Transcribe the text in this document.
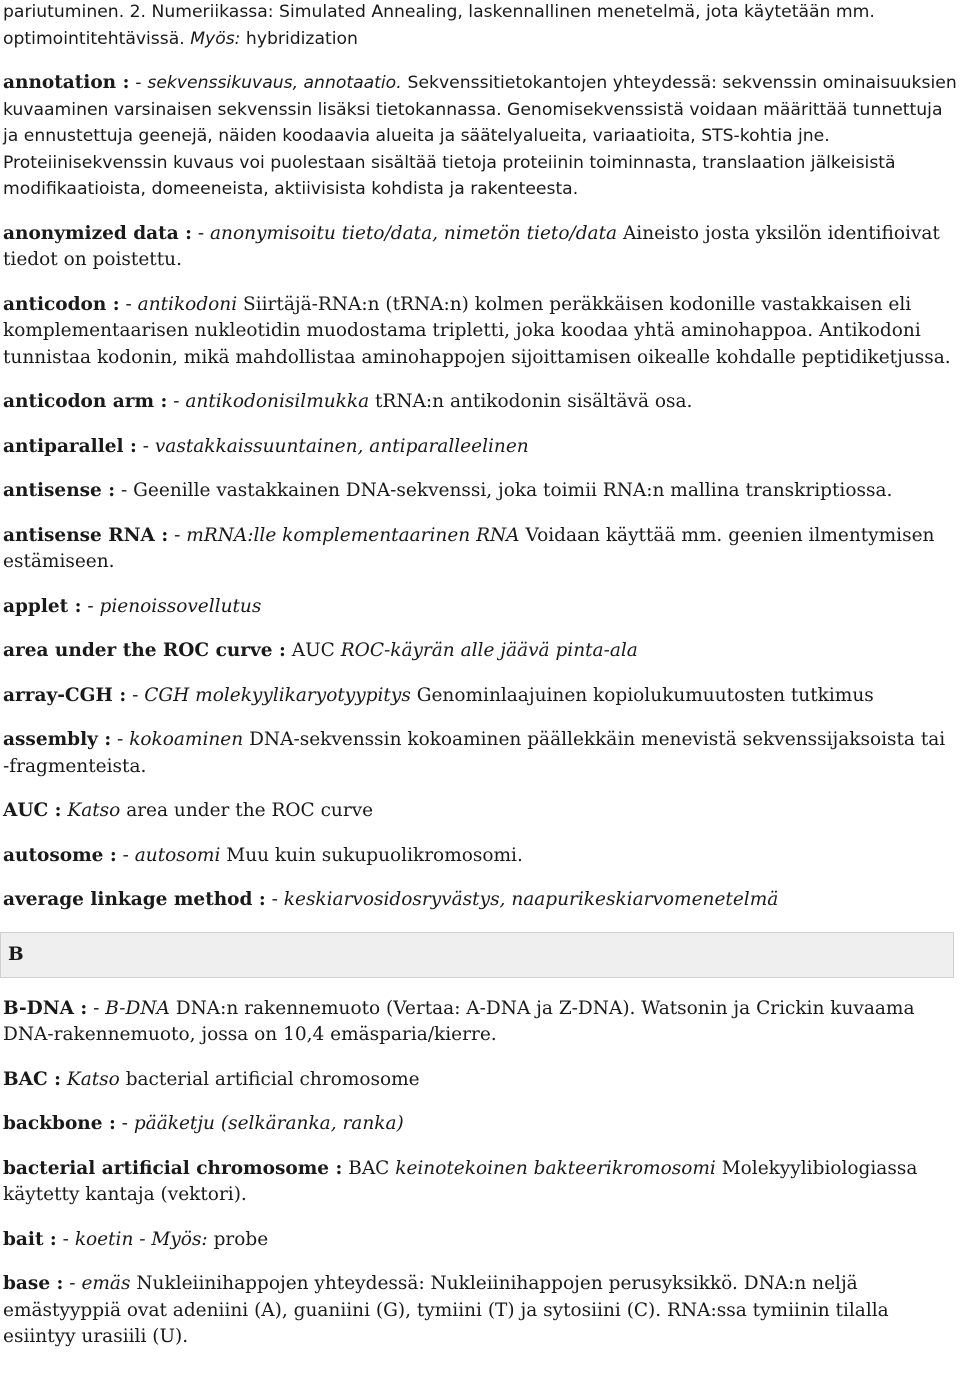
pariutuminen. 2. Numeriikassa: Simulated Annealing, laskennallinen menetelmä, jota käytetään mm. optimointitehtävissä. Myös: hybridization

annotation : - sekvenssikuvaus, annotaatio. Sekvenssitietokantojen yhteydessä: sekvenssin ominaisuuksien kuvaaminen varsinaisen sekvenssin lisäksi tietokannassa. Genomisekvenssistä voidaan määrittää tunnettuja ja ennustettuja geenejä, näiden koodaavia alueita ja säätelyalueita, variaatioita, STS-kohtia jne. Proteiinisekvenssin kuvaus voi puolestaan sisältää tietoja proteiinin toiminnasta, translaation jälkeisistä modifikaatioista, domeeneista, aktiivisista kohdista ja rakenteesta.

anonymized data : - anonymisoitu tieto/data, nimetön tieto/data Aineisto josta yksilön identifioivat tiedot on poistettu.

anticodon : - antikodoni Siirtäjä-RNA:n (tRNA:n) kolmen peräkkäisen kodonille vastakkaisen eli komplementaarisen nukleotidin muodostama tripletti, joka koodaa yhtä aminohappoa. Antikodoni tunnistaa kodonin, mikä mahdollistaa aminohappojen sijoittamisen oikealle kohdalle peptidiketjussa.

anticodon arm : - antikodonisilmukka tRNA:n antikodonin sisältävä osa.

antiparallel : - vastakkaissuuntainen, antiparalleelinen

antisense : - Geenille vastakkainen DNA-sekvenssi, joka toimii RNA:n mallina transkriptiossa.

antisense RNA : - mRNA:lle komplementaarinen RNA Voidaan käyttää mm. geenien ilmentymisen estämiseen.

applet : - pienoissovellutus

area under the ROC curve : AUC ROC-käyrän alle jäävä pinta-ala

array-CGH : - CGH molekyylikaryotyypitys Genominlaajuinen kopiolukumuutosten tutkimus

assembly : - kokoaminen DNA-sekvenssin kokoaminen päällekkäin menevistä sekvenssijaksoista tai -fragmenteista.

AUC : Katso area under the ROC curve

autosome : - autosomi Muu kuin sukupuolikromosomi.

average linkage method : - keskiarvosidosryvästys, naapurikeskiarvomenetelmä

B

B-DNA : - B-DNA DNA:n rakennemuoto (Vertaa: A-DNA ja Z-DNA). Watsonin ja Crickin kuvaama DNA-rakennemuoto, jossa on 10,4 emäsparia/kierre.

BAC : Katso bacterial artificial chromosome

backbone : - pääketju (selkäranka, ranka)

bacterial artificial chromosome : BAC keinotekoinen bakteerikromosomi Molekyylibiologiassa käytetty kantaja (vektori).

bait : - koetin - Myös: probe

base : - emäs Nukleiinihappojen yhteydessä: Nukleiinihappojen perusyksikkö. DNA:n neljä emästyyppiä ovat adeniini (A), guaniini (G), tymiini (T) ja sytosiini (C). RNA:ssa tymiinin tilalla esiintyy urasiili (U).
